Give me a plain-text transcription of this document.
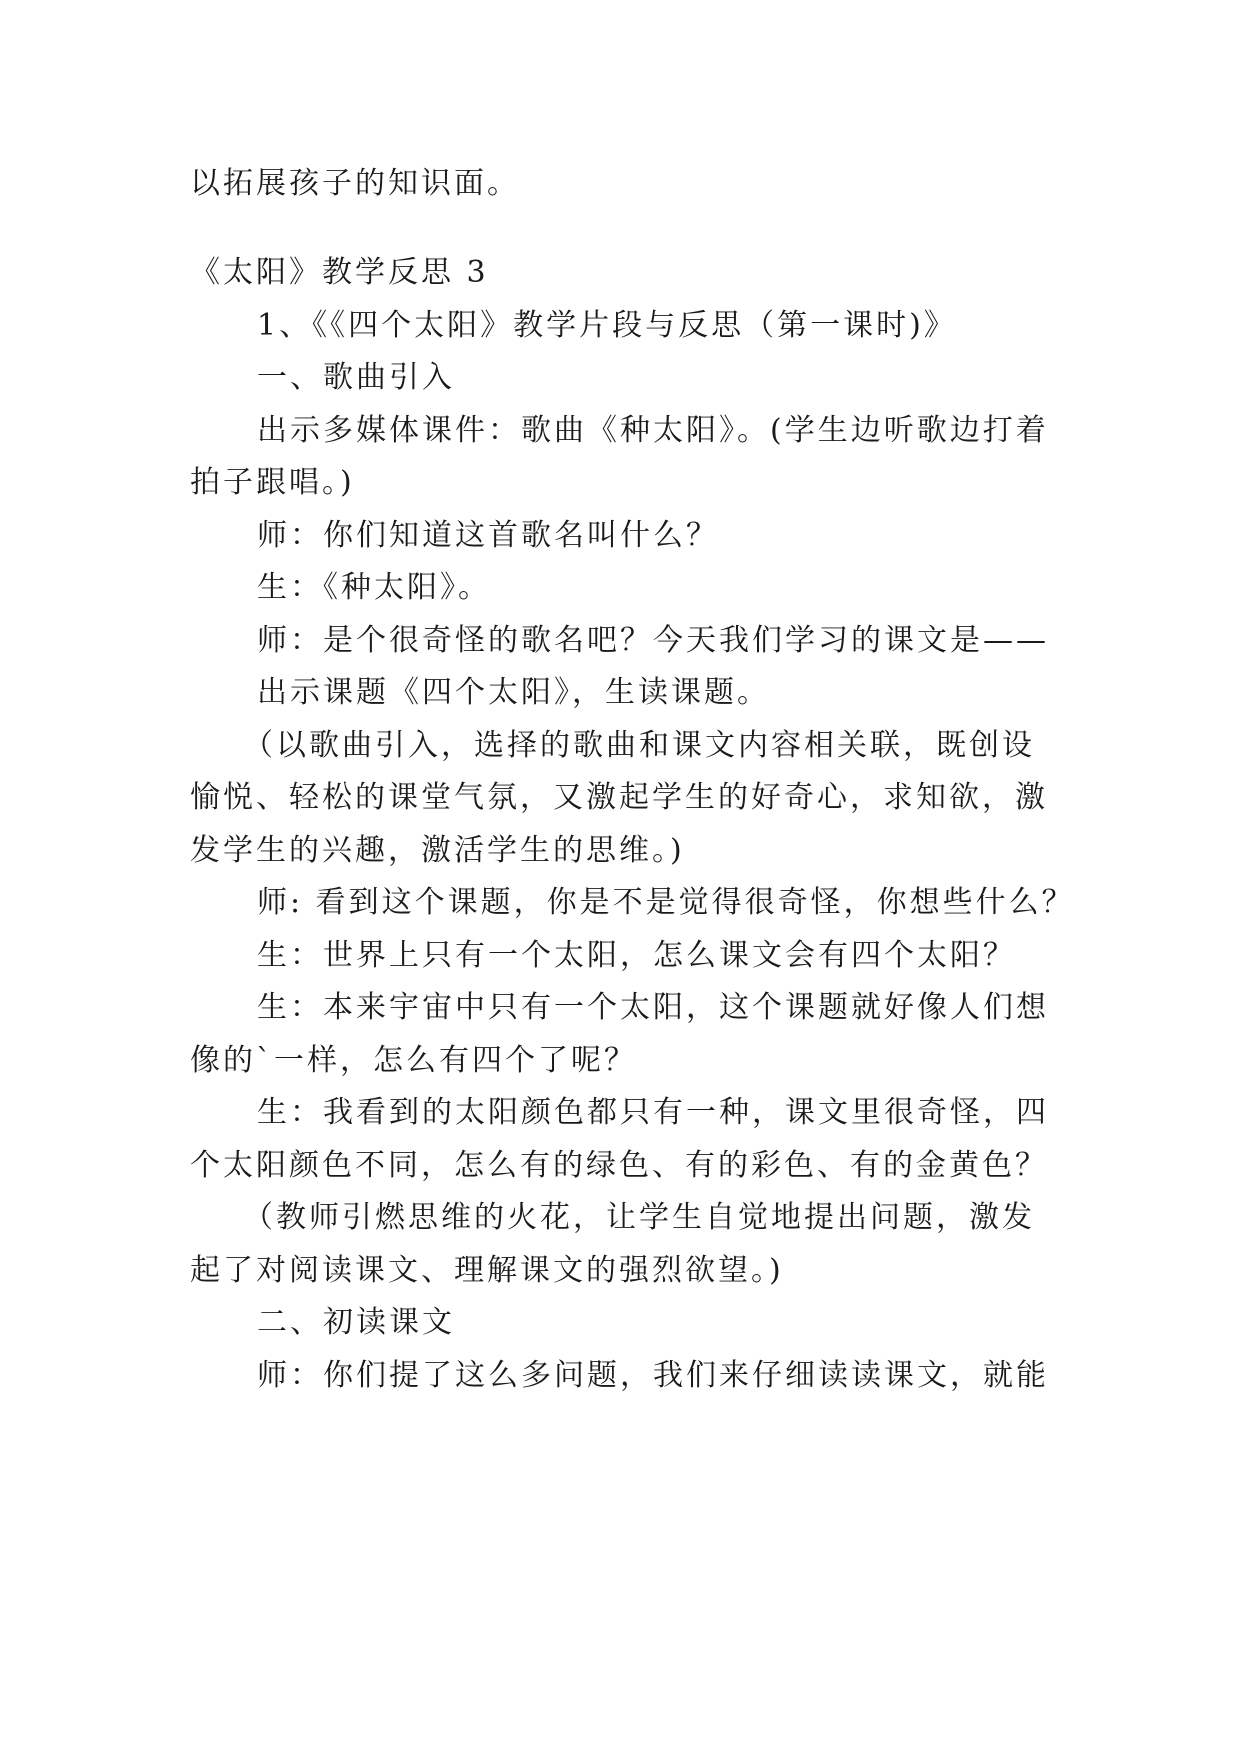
以拓展孩子的知识面。
《太阳》教学反思 3
1、《《四个太阳》教学片段与反思（第一课时)》
一、歌曲引入
出示多媒体课件：歌曲《种太阳》。(学生边听歌边打着
拍子跟唱。)
师：你们知道这首歌名叫什么？
生：《种太阳》。
师：是个很奇怪的歌名吧？今天我们学习的课文是——
出示课题《四个太阳》，生读课题。
（以歌曲引入，选择的歌曲和课文内容相关联，既创设
愉悦、轻松的课堂气氛，又激起学生的好奇心，求知欲，激
发学生的兴趣，激活学生的思维。)
师: 看到这个课题，你是不是觉得很奇怪，你想些什么？
生：世界上只有一个太阳，怎么课文会有四个太阳？
生：本来宇宙中只有一个太阳，这个课题就好像人们想
像的`一样，怎么有四个了呢？
生：我看到的太阳颜色都只有一种，课文里很奇怪，四
个太阳颜色不同，怎么有的绿色、有的彩色、有的金黄色？
（教师引燃思维的火花，让学生自觉地提出问题，激发
起了对阅读课文、理解课文的强烈欲望。)
二、初读课文
师：你们提了这么多问题，我们来仔细读读课文，就能
